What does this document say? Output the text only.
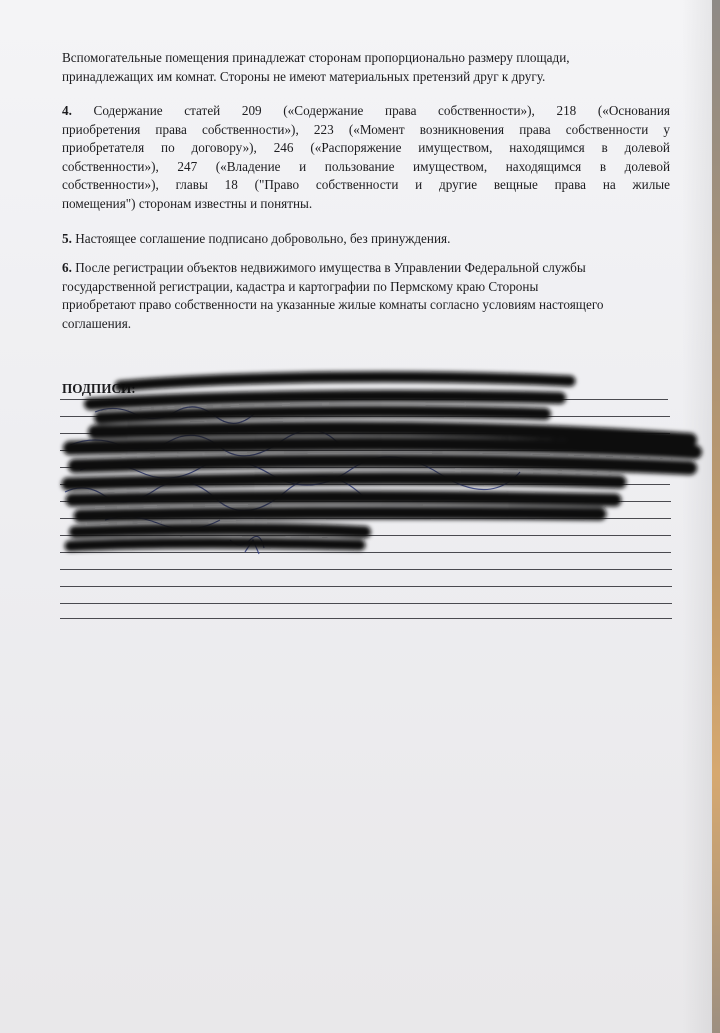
Вспомогательные помещения принадлежат сторонам пропорционально размеру площади,
принадлежащих им комнат. Стороны не имеют материальных претензий друг к другу.

4. Содержание статей 209 («Содержание права собственности»), 218 («Основания
приобретения права собственности»), 223 («Момент возникновения права собственности у
приобретателя по договору»), 246 («Распоряжение имуществом, находящимся в долевой
собственности»), 247 («Владение и пользование имуществом, находящимся в долевой
собственности»), главы 18 ("Право собственности и другие вещные права на жилые
помещения") сторонам известны и понятны.

5. Настоящее соглашение подписано добровольно, без принуждения.

6. После регистрации объектов недвижимого имущества в Управлении Федеральной службы
государственной регистрации, кадастра и картографии по Пермскому краю Стороны
приобретают право собственности на указанные жилые комнаты согласно условиям настоящего
соглашения.
ПОДПИСИ:
